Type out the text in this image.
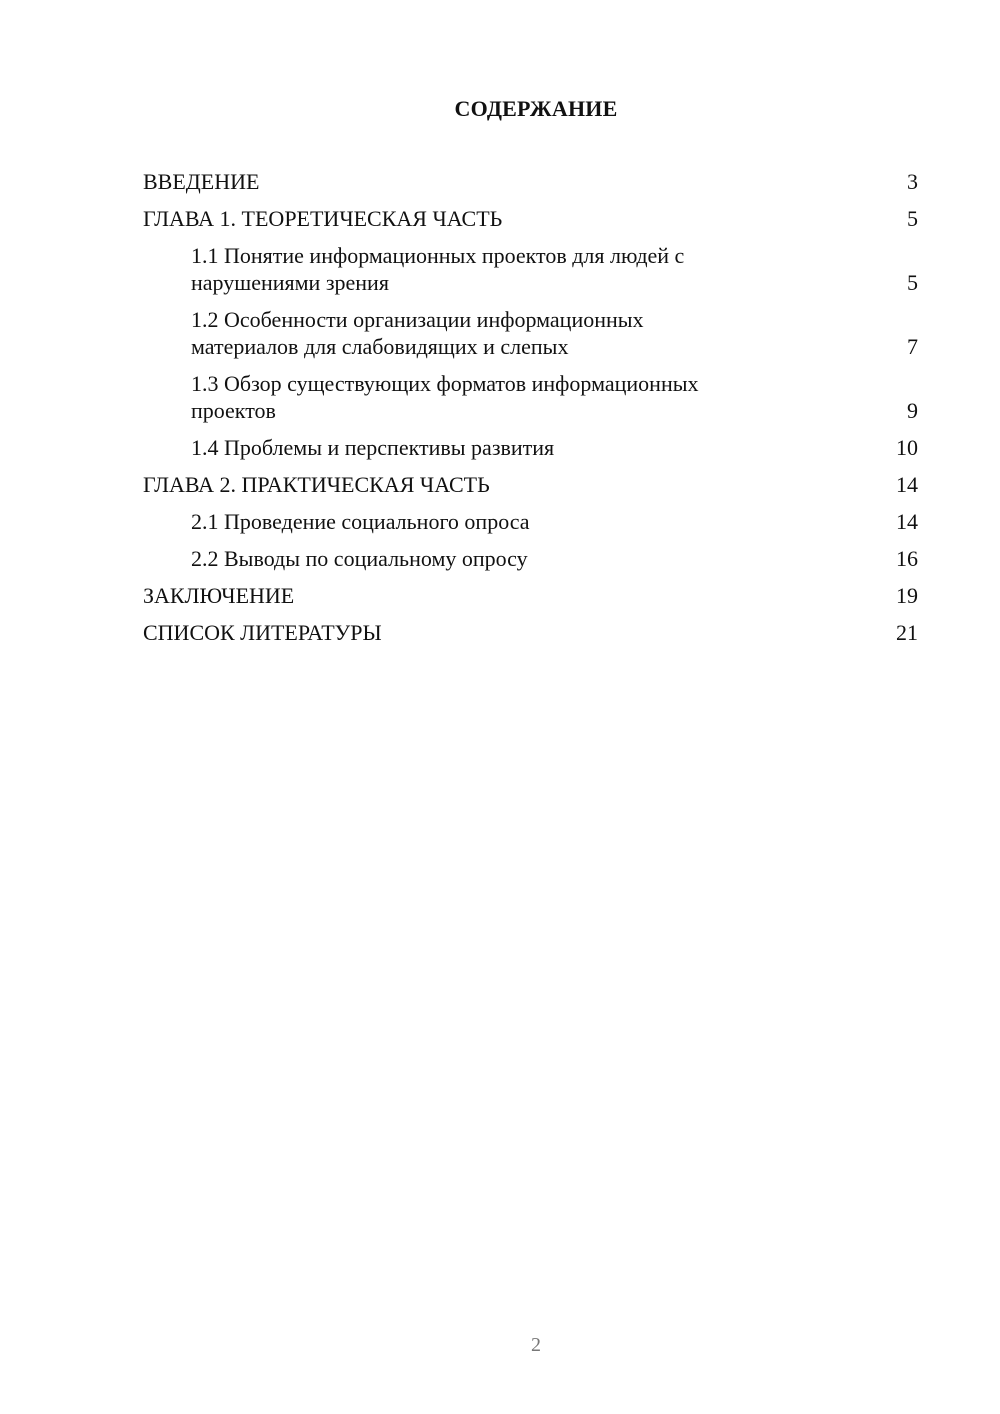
СОДЕРЖАНИЕ
ВВЕДЕНИЕ	3
ГЛАВА 1. ТЕОРЕТИЧЕСКАЯ ЧАСТЬ	5
1.1 Понятие информационных проектов для людей с
нарушениями зрения	5
1.2 Особенности организации информационных
материалов для слабовидящих и слепых	7
1.3 Обзор существующих форматов информационных
проектов	9
1.4 Проблемы и перспективы развития	10
ГЛАВА 2. ПРАКТИЧЕСКАЯ ЧАСТЬ	14
2.1 Проведение социального опроса	14
2.2 Выводы по социальному опросу	16
ЗАКЛЮЧЕНИЕ	19
СПИСОК ЛИТЕРАТУРЫ	21
2
